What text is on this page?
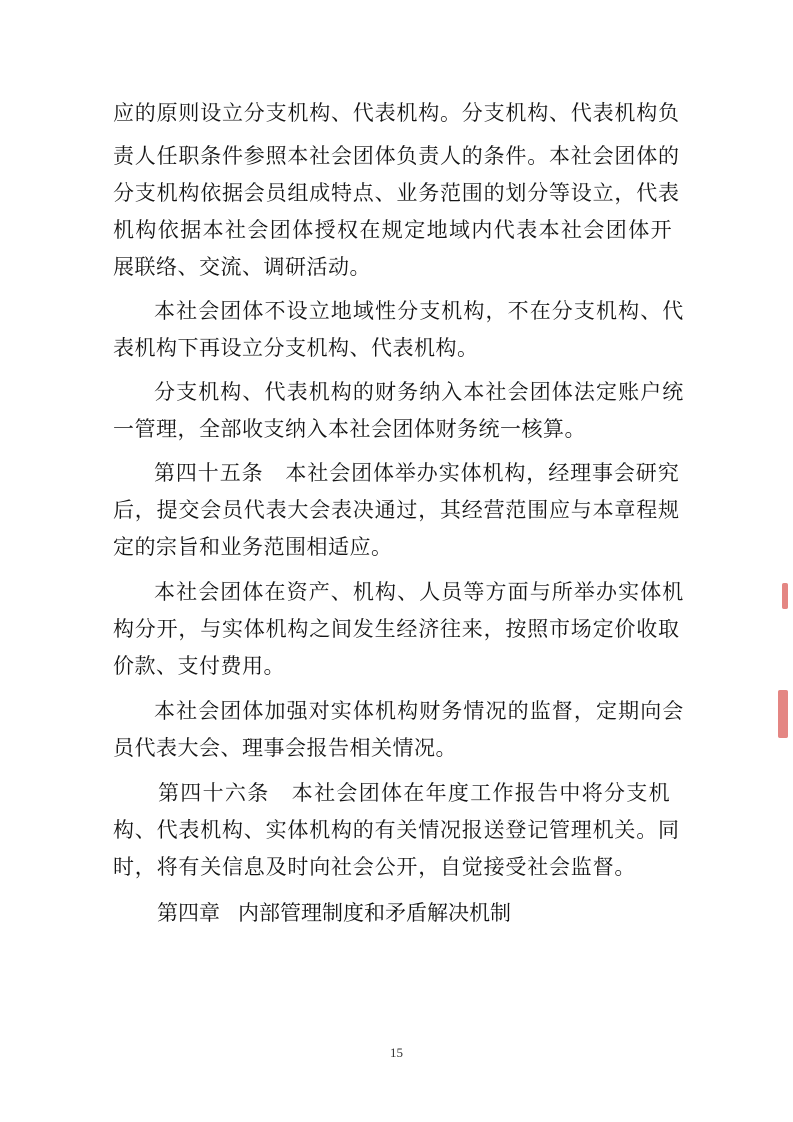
应的原则设立分支机构、代表机构。分支机构、代表机构负
责人任职条件参照本社会团体负责人的条件。本社会团体的
分支机构依据会员组成特点、业务范围的划分等设立，代表
机构依据本社会团体授权在规定地域内代表本社会团体开
展联络、交流、调研活动。
本社会团体不设立地域性分支机构，不在分支机构、代
表机构下再设立分支机构、代表机构。
分支机构、代表机构的财务纳入本社会团体法定账户统
一管理，全部收支纳入本社会团体财务统一核算。
第四十五条　本社会团体举办实体机构，经理事会研究
后，提交会员代表大会表决通过，其经营范围应与本章程规
定的宗旨和业务范围相适应。
本社会团体在资产、机构、人员等方面与所举办实体机
构分开，与实体机构之间发生经济往来，按照市场定价收取
价款、支付费用。
本社会团体加强对实体机构财务情况的监督，定期向会
员代表大会、理事会报告相关情况。
第四十六条　本社会团体在年度工作报告中将分支机
构、代表机构、实体机构的有关情况报送登记管理机关。同
时，将有关信息及时向社会公开，自觉接受社会监督。
第四章 内部管理制度和矛盾解决机制
15
